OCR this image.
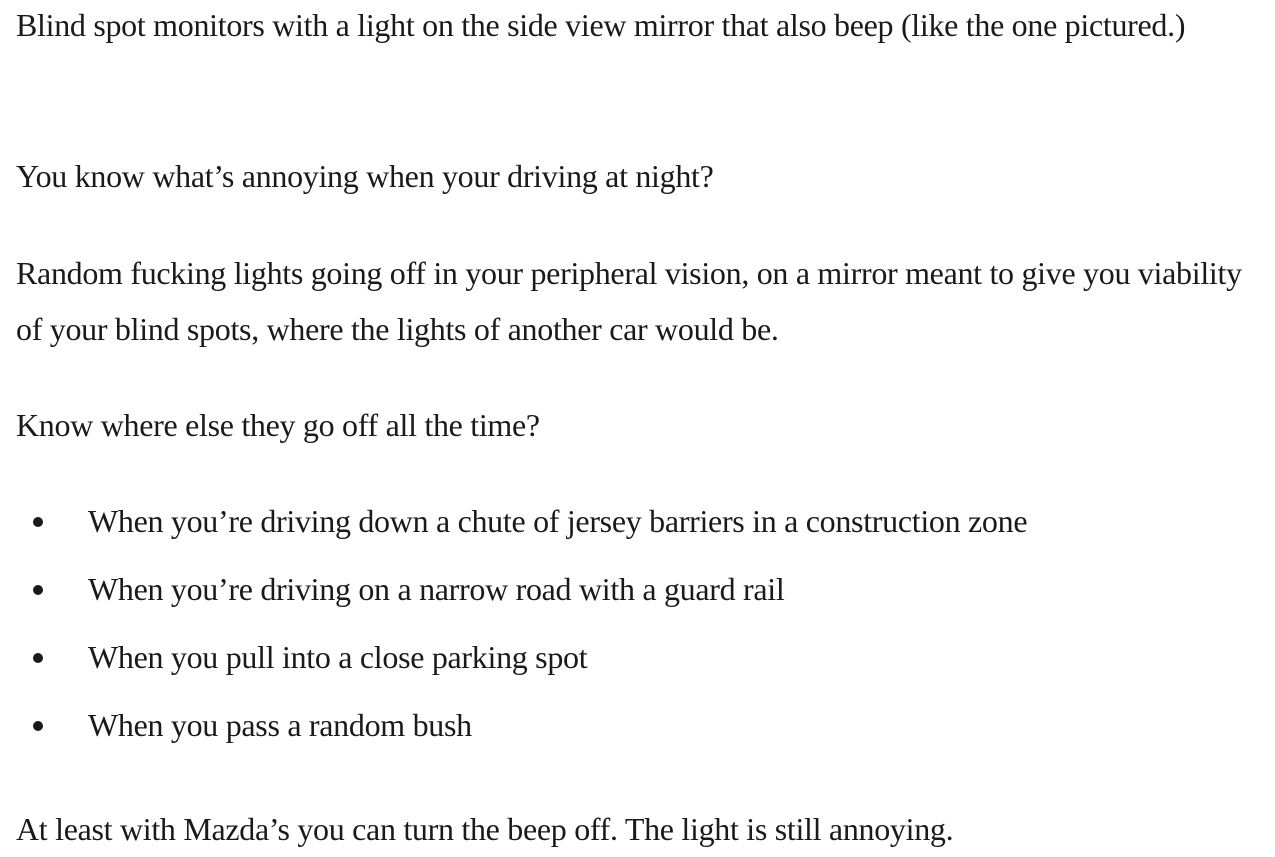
Blind spot monitors with a light on the side view mirror that also beep (like the one pictured.)

You know what’s annoying when your driving at night?

Random fucking lights going off in your peripheral vision, on a mirror meant to give you viability of your blind spots, where the lights of another car would be.

Know where else they go off all the time?

When you’re driving down a chute of jersey barriers in a construction zone
When you’re driving on a narrow road with a guard rail
When you pull into a close parking spot
When you pass a random bush

At least with Mazda’s you can turn the beep off. The light is still annoying.
